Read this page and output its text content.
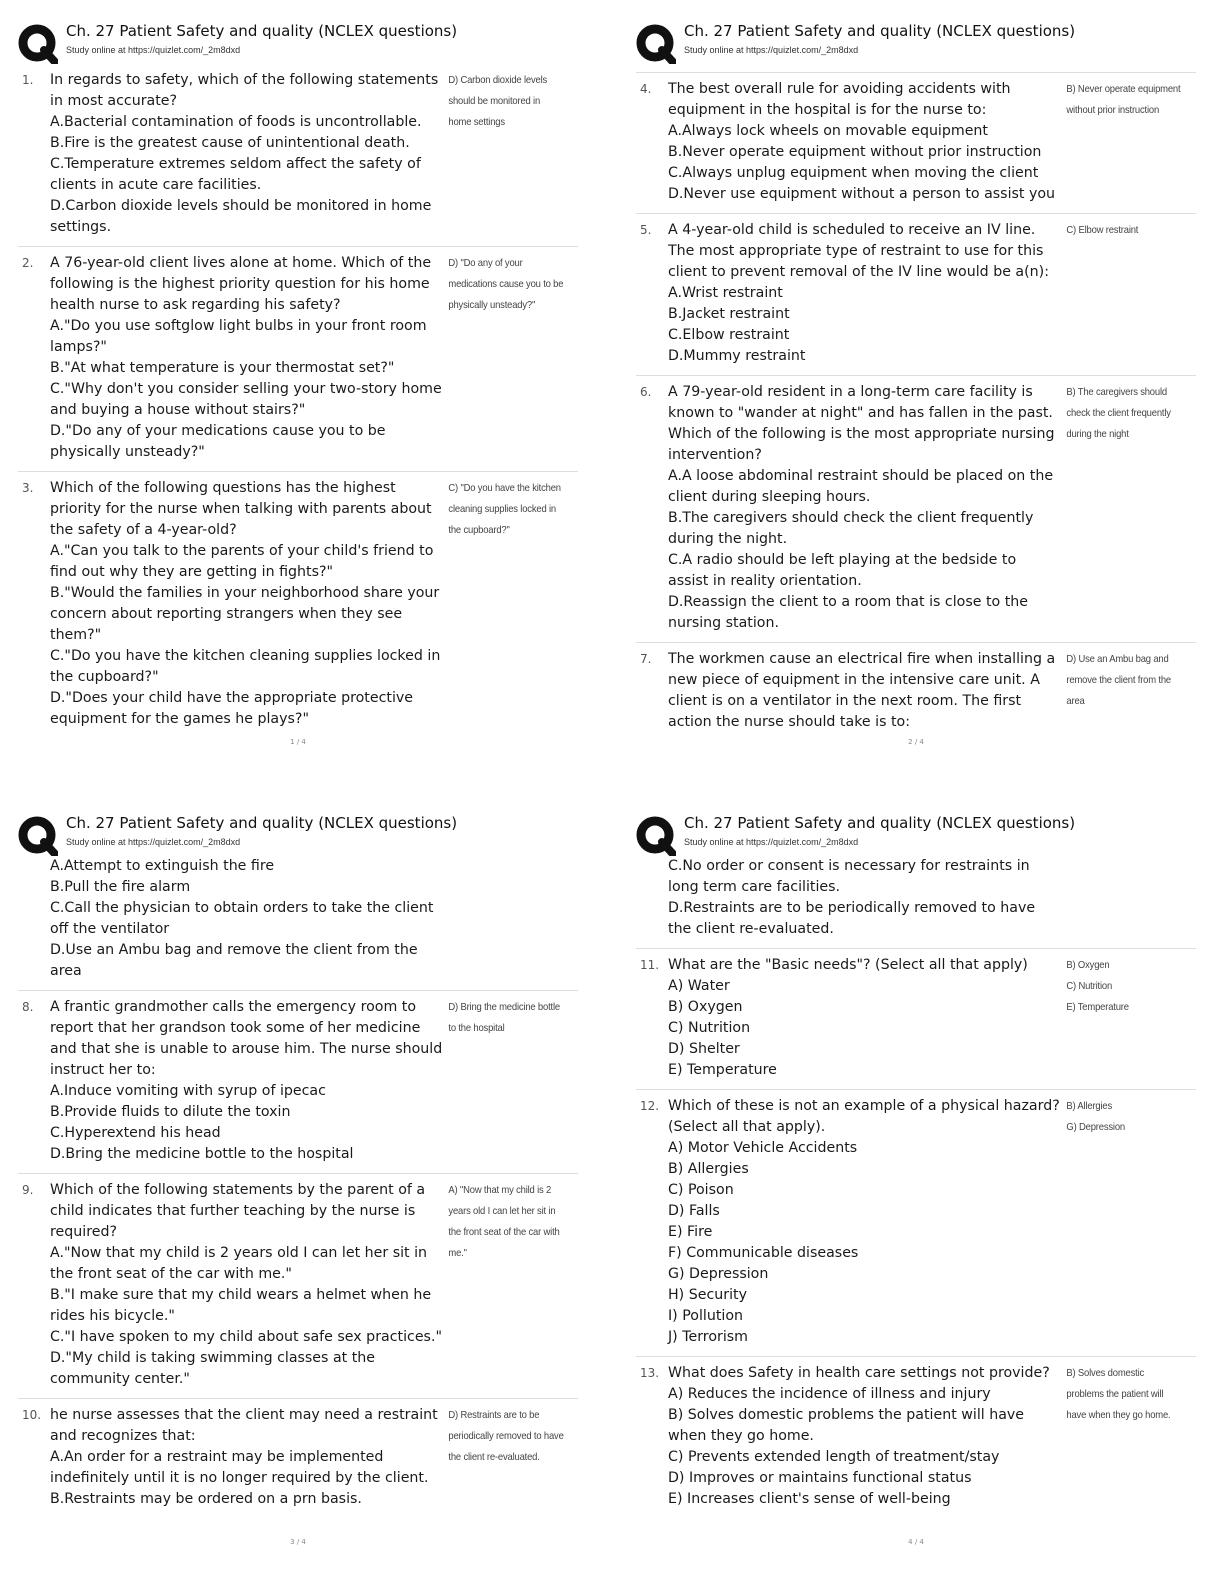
Ch. 27 Patient Safety and quality (NCLEX questions)
Study online at https://quizlet.com/_2m8dxd
1.	In regards to safety, which of the following statements in most accurate?
A.Bacterial contamination of foods is uncontrollable.
B.Fire is the greatest cause of unintentional death.
C.Temperature extremes seldom affect the safety of clients in acute care facilities.
D.Carbon dioxide levels should be monitored in home settings.
D) Carbon dioxide levels should be monitored in home settings
2.	A 76-year-old client lives alone at home. Which of the following is the highest priority question for his home health nurse to ask regarding his safety?
A."Do you use softglow light bulbs in your front room lamps?"
B."At what temperature is your thermostat set?"
C."Why don't you consider selling your two-story home and buying a house without stairs?"
D."Do any of your medications cause you to be physically unsteady?"
D) "Do any of your medications cause you to be physically unsteady?"
3.	Which of the following questions has the highest priority for the nurse when talking with parents about the safety of a 4-year-old?
A."Can you talk to the parents of your child's friend to find out why they are getting in fights?"
B."Would the families in your neighborhood share your concern about reporting strangers when they see them?"
C."Do you have the kitchen cleaning supplies locked in the cupboard?"
D."Does your child have the appropriate protective equipment for the games he plays?"
C) "Do you have the kitchen cleaning supplies locked in the cupboard?"
1 / 4
Ch. 27 Patient Safety and quality (NCLEX questions)
Study online at https://quizlet.com/_2m8dxd
4.	The best overall rule for avoiding accidents with equipment in the hospital is for the nurse to:
A.Always lock wheels on movable equipment
B.Never operate equipment without prior instruction
C.Always unplug equipment when moving the client
D.Never use equipment without a person to assist you
B) Never operate equipment without prior instruction
5.	A 4-year-old child is scheduled to receive an IV line. The most appropriate type of restraint to use for this client to prevent removal of the IV line would be a(n):
A.Wrist restraint
B.Jacket restraint
C.Elbow restraint
D.Mummy restraint
C) Elbow restraint
6.	A 79-year-old resident in a long-term care facility is known to "wander at night" and has fallen in the past. Which of the following is the most appropriate nursing intervention?
A.A loose abdominal restraint should be placed on the client during sleeping hours.
B.The caregivers should check the client frequently during the night.
C.A radio should be left playing at the bedside to assist in reality orientation.
D.Reassign the client to a room that is close to the nursing station.
B) The caregivers should check the client frequently during the night
7.	The workmen cause an electrical fire when installing a new piece of equipment in the intensive care unit. A client is on a ventilator in the next room. The first action the nurse should take is to:
D) Use an Ambu bag and remove the client from the area
2 / 4
Ch. 27 Patient Safety and quality (NCLEX questions)
Study online at https://quizlet.com/_2m8dxd
A.Attempt to extinguish the fire
B.Pull the fire alarm
C.Call the physician to obtain orders to take the client off the ventilator
D.Use an Ambu bag and remove the client from the area
8.	A frantic grandmother calls the emergency room to report that her grandson took some of her medicine and that she is unable to arouse him. The nurse should instruct her to:
A.Induce vomiting with syrup of ipecac
B.Provide fluids to dilute the toxin
C.Hyperextend his head
D.Bring the medicine bottle to the hospital
D) Bring the medicine bottle to the hospital
9.	Which of the following statements by the parent of a child indicates that further teaching by the nurse is required?
A."Now that my child is 2 years old I can let her sit in the front seat of the car with me."
B."I make sure that my child wears a helmet when he rides his bicycle."
C."I have spoken to my child about safe sex practices."
D."My child is taking swimming classes at the community center."
A) "Now that my child is 2 years old I can let her sit in the front seat of the car with me."
10. he nurse assesses that the client may need a restraint and recognizes that:
A.An order for a restraint may be implemented indefinitely until it is no longer required by the client.
B.Restraints may be ordered on a prn basis.
D) Restraints are to be periodically removed to have the client re-evaluated.
3 / 4
Ch. 27 Patient Safety and quality (NCLEX questions)
Study online at https://quizlet.com/_2m8dxd
C.No order or consent is necessary for restraints in long term care facilities.
D.Restraints are to be periodically removed to have the client re-evaluated.
11. What are the "Basic needs"? (Select all that apply)
A) Water
B) Oxygen
C) Nutrition
D) Shelter
E) Temperature
B) Oxygen
C) Nutrition
E) Temperature
12. Which of these is not an example of a physical hazard? (Select all that apply).
A) Motor Vehicle Accidents
B) Allergies
C) Poison
D) Falls
E) Fire
F) Communicable diseases
G) Depression
H) Security
I) Pollution
J) Terrorism
B) Allergies
G) Depression
13. What does Safety in health care settings not provide?
A) Reduces the incidence of illness and injury
B) Solves domestic problems the patient will have when they go home.
C) Prevents extended length of treatment/stay
D) Improves or maintains functional status
E) Increases client's sense of well-being
B) Solves domestic problems the patient will have when they go home.
4 / 4
